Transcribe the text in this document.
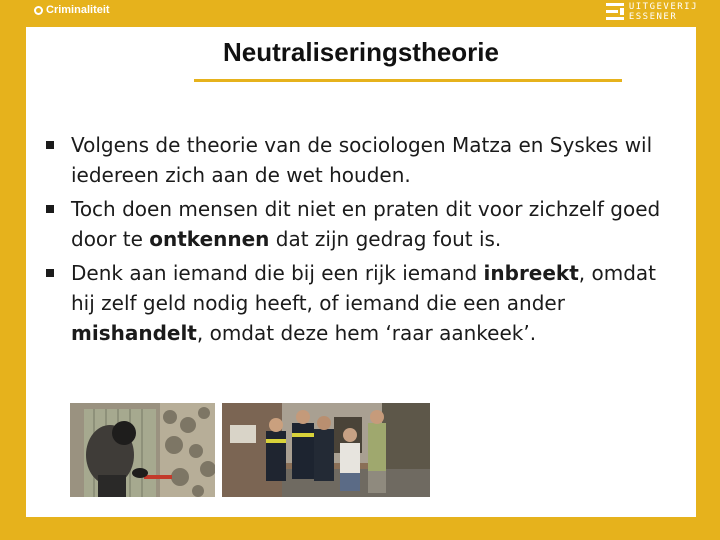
Criminaliteit	UITGEVERIJ
ESSENER
Neutraliseringstheorie
Volgens de theorie van de sociologen Matza en Syskes wil iedereen zich aan de wet houden.
Toch doen mensen dit niet en praten dit voor zichzelf goed door te ontkennen dat zijn gedrag fout is.
Denk aan iemand die bij een rijk iemand inbreekt, omdat hij zelf geld nodig heeft, of iemand die een ander mishandelt, omdat deze hem ‘raar aankeek’.
